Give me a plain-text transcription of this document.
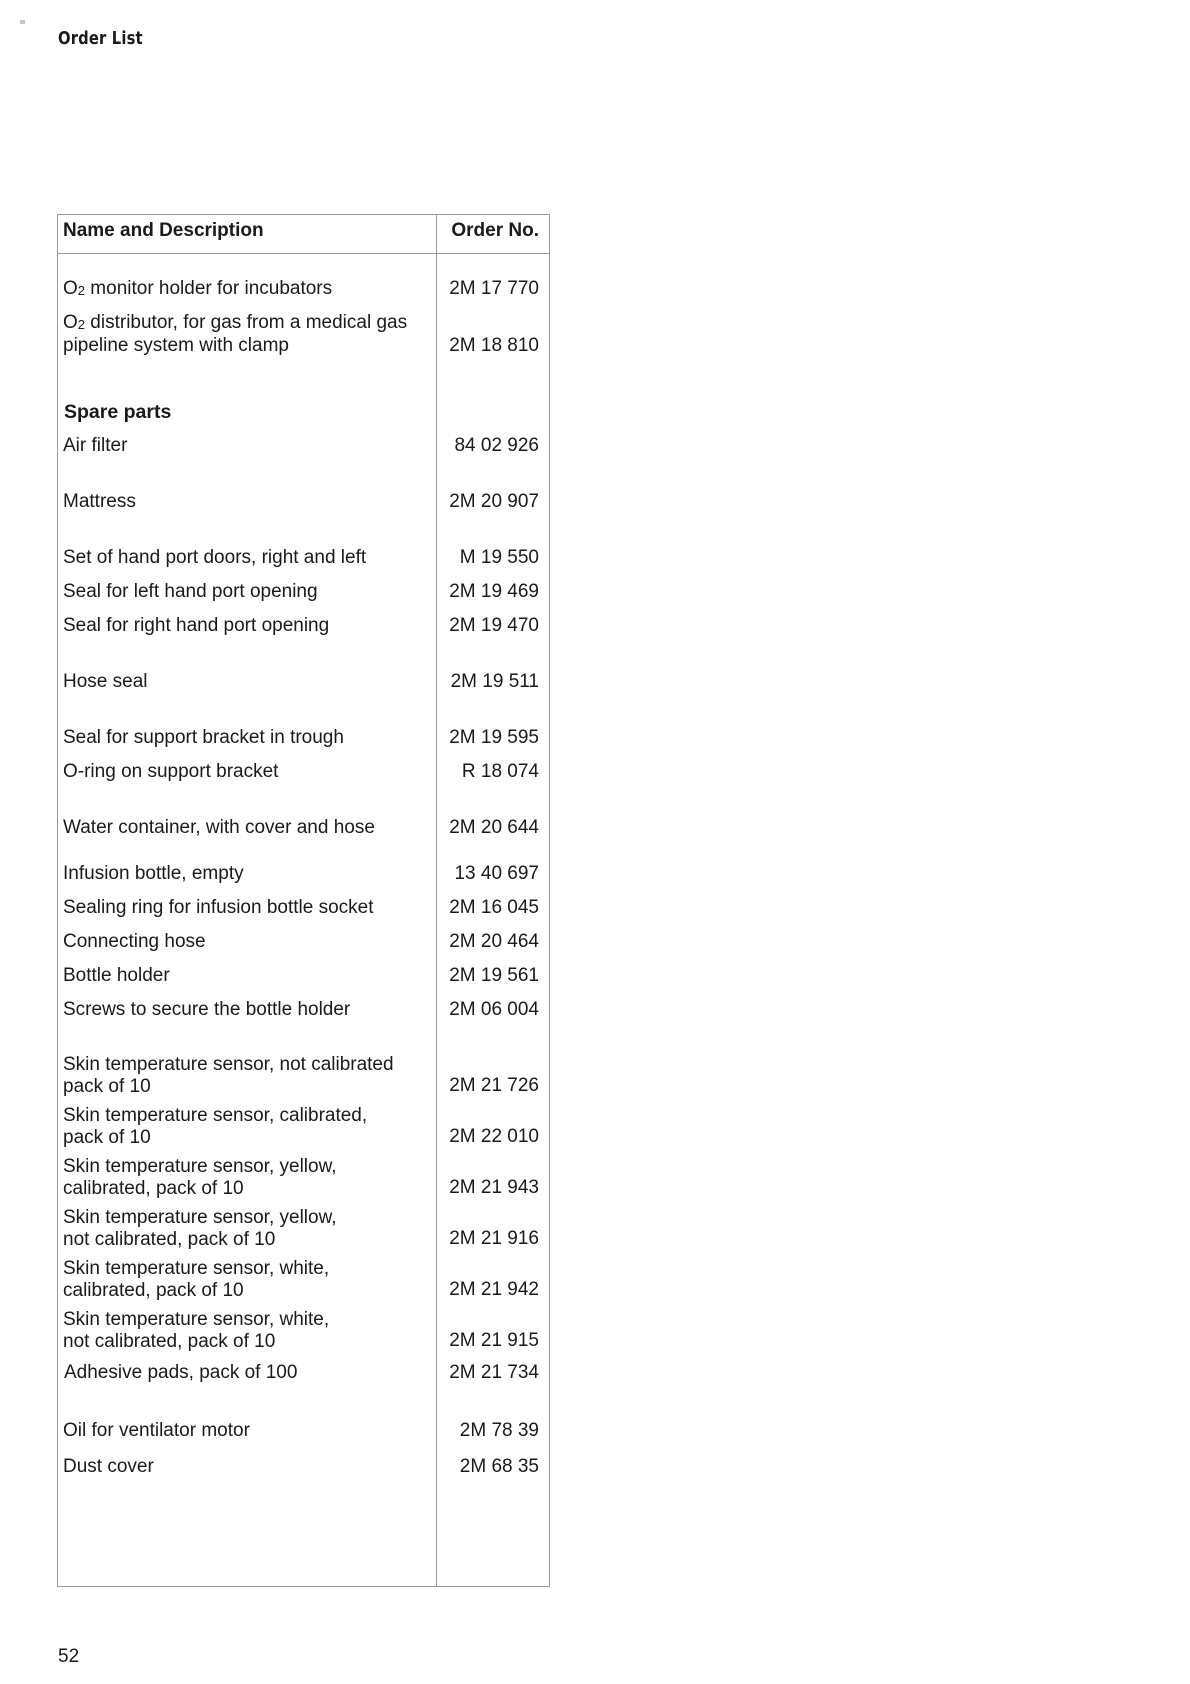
Order List
Name and Description	Order No.
O2 monitor holder for incubators	2M 17 770
O2 distributor, for gas from a medical gas
pipeline system with clamp	2M 18 810
Spare parts
Air filter	84 02 926
Mattress	2M 20 907
Set of hand port doors, right and left	M 19 550
Seal for left hand port opening	2M 19 469
Seal for right hand port opening	2M 19 470
Hose seal	2M 19 511
Seal for support bracket in trough	2M 19 595
O-ring on support bracket	R 18 074
Water container, with cover and hose	2M 20 644
Infusion bottle, empty	13 40 697
Sealing ring for infusion bottle socket	2M 16 045
Connecting hose	2M 20 464
Bottle holder	2M 19 561
Screws to secure the bottle holder	2M 06 004
Skin temperature sensor, not calibrated
pack of 10	2M 21 726
Skin temperature sensor, calibrated,
pack of 10	2M 22 010
Skin temperature sensor, yellow,
calibrated, pack of 10	2M 21 943
Skin temperature sensor, yellow,
not calibrated, pack of 10	2M 21 916
Skin temperature sensor, white,
calibrated, pack of 10	2M 21 942
Skin temperature sensor, white,
not calibrated, pack of 10	2M 21 915
Adhesive pads, pack of 100	2M 21 734
Oil for ventilator motor	2M 78 39
Dust cover	2M 68 35
52
